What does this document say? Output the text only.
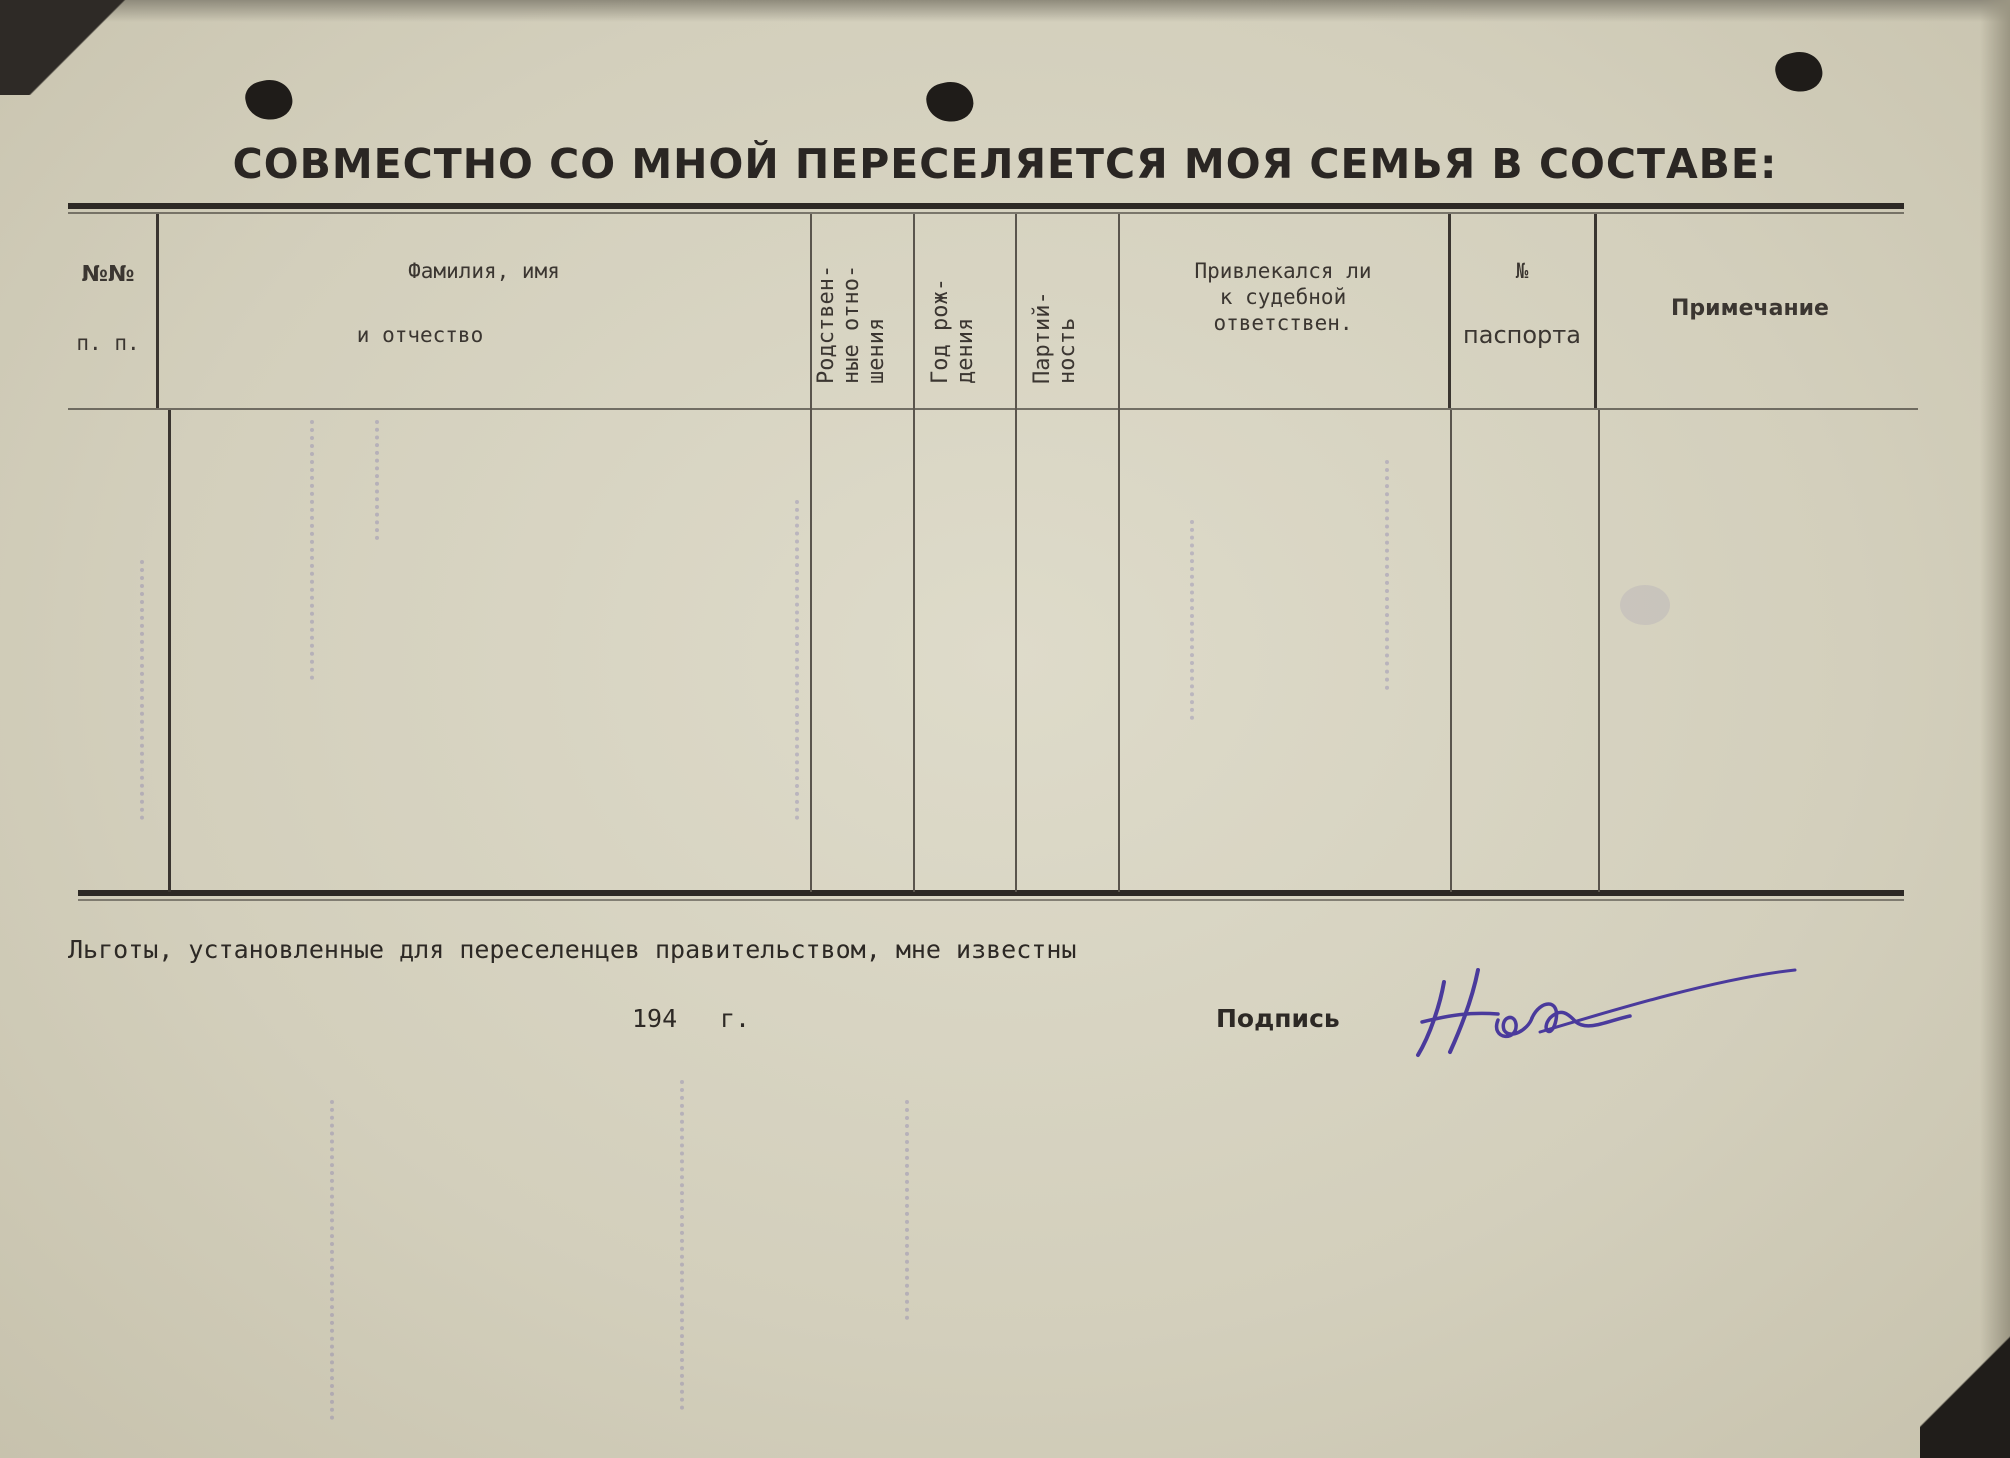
СОВМЕСТНО СО МНОЙ ПЕРЕСЕЛЯЕТСЯ МОЯ СЕМЬЯ В СОСТАВЕ:
№№
п. п.
Фамилия, имя
и отчество	Родствен- ные отно- шения Год рож- дения Партий- ность
Привлекался ли
к судебной
ответствен.
№
паспорта
Примечание
Льготы, установленные для переселенцев правительством, мне известны
194 г.	Подпись
